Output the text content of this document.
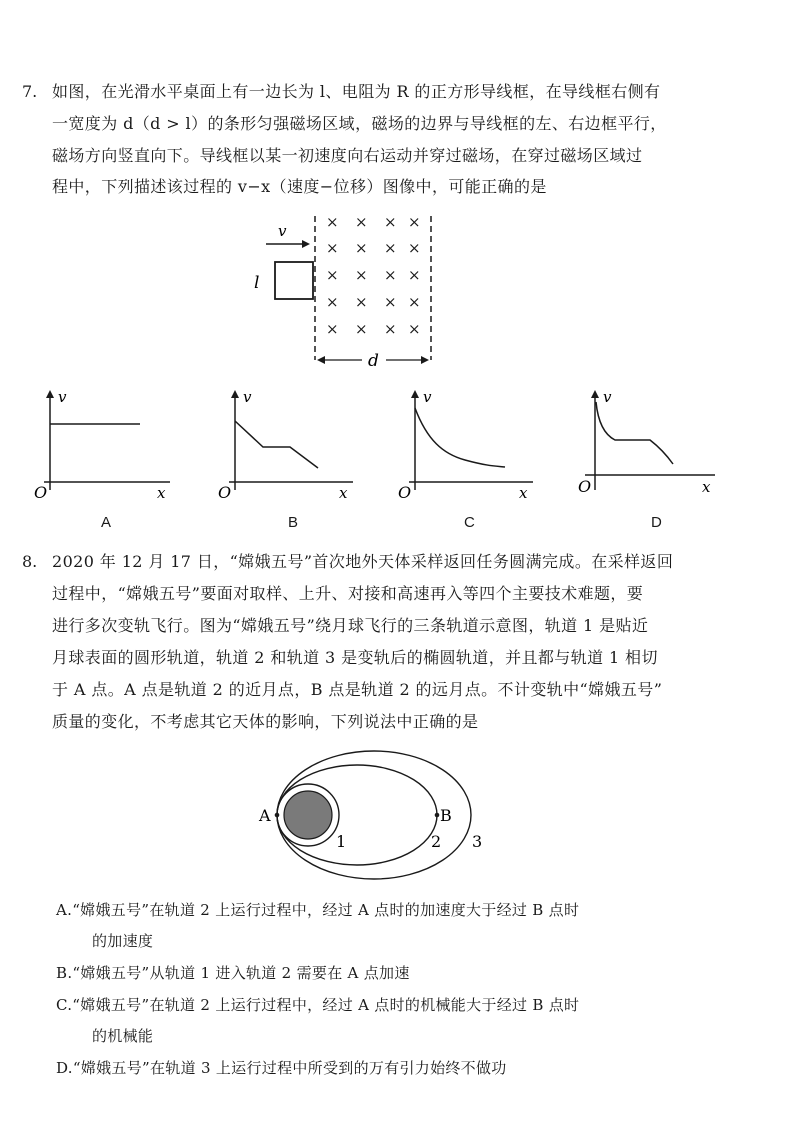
7. 如图，在光滑水平桌面上有一边长为 l、电阻为 R 的正方形导线框，在导线框右侧有
一宽度为 d（d > l）的条形匀强磁场区域，磁场的边界与导线框的左、右边框平行，
磁场方向竖直向下。导线框以某一初速度向右运动并穿过磁场，在穿过磁场区域过
程中，下列描述该过程的 v−x（速度−位移）图像中，可能正确的是
v
l
× × × ×
× × × ×
× × × ×
× × × ×
× × × ×
d
v
x
O
A
v
x
O
B
v
x
O
C
v
x
O
D
8. 2020 年 12 月 17 日，“嫦娥五号”首次地外天体采样返回任务圆满完成。在采样返回
过程中，“嫦娥五号”要面对取样、上升、对接和高速再入等四个主要技术难题，要
进行多次变轨飞行。图为“嫦娥五号”绕月球飞行的三条轨道示意图，轨道 1 是贴近
月球表面的圆形轨道，轨道 2 和轨道 3 是变轨后的椭圆轨道，并且都与轨道 1 相切
于 A 点。A 点是轨道 2 的近月点，B 点是轨道 2 的远月点。不计变轨中“嫦娥五号”
质量的变化，不考虑其它天体的影响，下列说法中正确的是
A	B
1	2 3
A.“嫦娥五号”在轨道 2 上运行过程中，经过 A 点时的加速度大于经过 B 点时
的加速度
B.“嫦娥五号”从轨道 1 进入轨道 2 需要在 A 点加速
C.“嫦娥五号”在轨道 2 上运行过程中，经过 A 点时的机械能大于经过 B 点时
的机械能
D.“嫦娥五号”在轨道 3 上运行过程中所受到的万有引力始终不做功
